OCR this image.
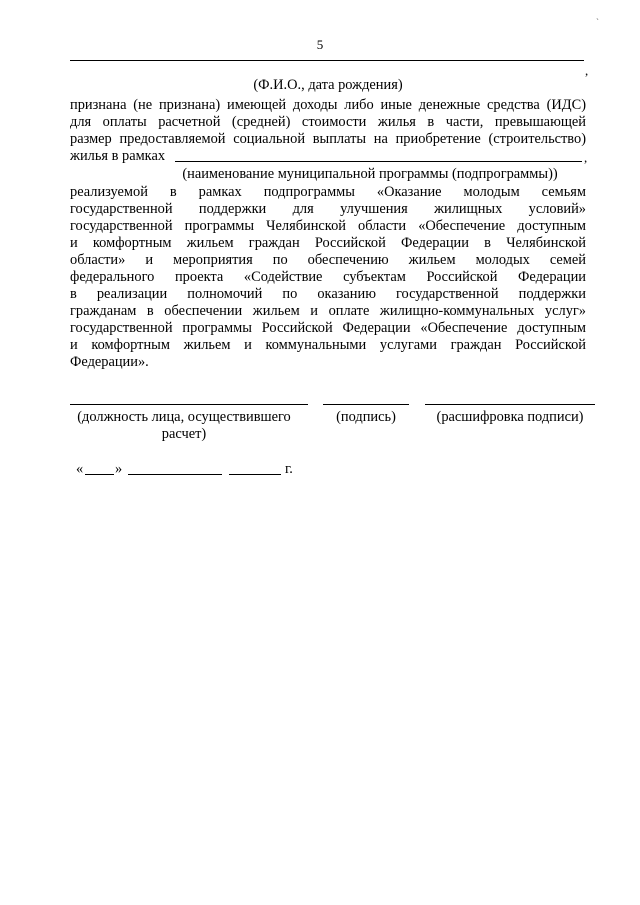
ˋ
5
,
(Ф.И.О., дата рождения)
признана (не признана) имеющей доходы либо иные денежные средства (ИДС)
для оплаты расчетной (средней) стоимости жилья в части, превышающей
размер предоставляемой социальной выплаты на приобретение (строительство)
жилья в рамках	,
(наименование муниципальной программы (подпрограммы))
реализуемой в рамках подпрограммы «Оказание молодым семьям
государственной поддержки для улучшения жилищных условий»
государственной программы Челябинской области «Обеспечение доступным
и комфортным жильем граждан Российской Федерации в Челябинской
области» и мероприятия по обеспечению жильем молодых семей
федерального проекта «Содействие субъектам Российской Федерации
в реализации полномочий по оказанию государственной поддержки
гражданам в обеспечении жильем и оплате жилищно-коммунальных услуг»
государственной программы Российской Федерации «Обеспечение доступным
и комфортным жильем и коммунальными услугами граждан Российской
Федерации».
(должность лица, осуществившего
расчет)
(подпись)	(расшифровка подписи)
« »	г.
